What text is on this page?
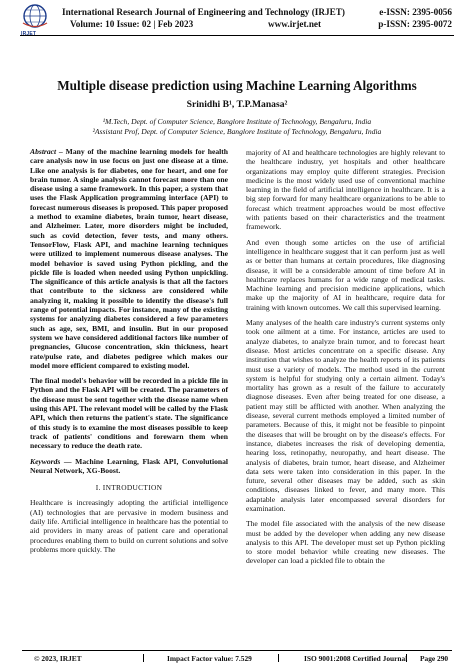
IRJET
International Research Journal of Engineering and Technology (IRJET)	e-ISSN: 2395-0056
Volume: 10 Issue: 02 | Feb 2023	www.irjet.net	p-ISSN: 2395-0072
Multiple disease prediction using Machine Learning Algorithms
Srinidhi B¹, T.P.Manasa²
¹M.Tech, Dept. of Computer Science, Banglore Institute of Technology, Bengaluru, India
²Assistant Prof, Dept. of Computer Science, Banglore Institute of Technology, Bengaluru, India

Abstract – Many of the machine learning models for health care analysis now in use focus on just one disease at a time. Like one analysis is for diabetes, one for heart, and one for brain tumor. A single analysis cannot forecast more than one disease using a same framework. In this paper, a system that uses the Flask Application programming interface (API) to forecast numerous diseases is proposed. This paper proposed a method to examine diabetes, brain tumor, heart disease, and Alzheimer. Later, more disorders might be included, such as covid detection, fever tests, and many others. TensorFlow, Flask API, and machine learning techniques were utilized to implement numerous disease analyses. The model behavior is saved using Python pickling, and the pickle file is loaded when needed using Python unpickling. The significance of this article analysis is that all the factors that contribute to the sickness are considered while analyzing it, making it possible to identify the disease's full range of potential impacts. For instance, many of the existing systems for analyzing diabetes considered a few parameters such as age, sex, BMI, and insulin. But in our proposed system we have considered additional factors like number of pregnancies, Glucose concentration, skin thickness, heart rate/pulse rate, and diabetes pedigree which makes our model more efficient compared to existing model.

The final model's behavior will be recorded in a pickle file in Python and the Flask API will be created. The parameters of the disease must be sent together with the disease name when using this API. The relevant model will be called by the Flask API, which then returns the patient's state. The significance of this study is to examine the most diseases possible to keep track of patients' conditions and forewarn them when necessary to reduce the death rate.

Keywords — Machine Learning, Flask API, Convolutional Neural Network, XG-Boost.

I. INTRODUCTION

Healthcare is increasingly adopting the artificial intelligence (AI) technologies that are pervasive in modern business and daily life. Artificial intelligence in healthcare has the potential to aid providers in many areas of patient care and operational procedures enabling them to build on current solutions and solve problems more quickly. The

majority of AI and healthcare technologies are highly relevant to the healthcare industry, yet hospitals and other healthcare organizations may employ quite different strategies. Precision medicine is the most widely used use of conventional machine learning in the field of artificial intelligence in healthcare. It is a big step forward for many healthcare organizations to be able to forecast which treatment approaches would be most effective with patients based on their characteristics and the treatment framework.

And even though some articles on the use of artificial intelligence in healthcare suggest that it can perform just as well as or better than humans at certain procedures, like diagnosing disease, it will be a considerable amount of time before AI in healthcare replaces humans for a wide range of medical tasks. Machine learning and precision medicine applications, which make up the majority of AI in healthcare, require data for training with known outcomes. We call this supervised learning.

Many analyses of the health care industry's current systems only took one ailment at a time. For instance, articles are used to analyze diabetes, to analyze brain tumor, and to forecast heart disease. Most articles concentrate on a specific disease. Any institution that wishes to analyze the health reports of its patients must use a variety of models. The method used in the current system is helpful for studying only a certain ailment. Today's mortality has grown as a result of the failure to accurately diagnose diseases. Even after being treated for one disease, a patient may still be afflicted with another. When analyzing the disease, several current methods employed a limited number of parameters. Because of this, it might not be feasible to pinpoint the diseases that will be brought on by the disease's effects. For instance, diabetes increases the risk of developing dementia, hearing loss, retinopathy, neuropathy, and heart disease. The analysis of diabetes, brain tumor, heart disease, and Alzheimer data sets were taken into consideration in this paper. In the future, several other diseases may be added, such as skin conditions, diseases linked to fever, and many more. This adaptable analysis later encompassed several disorders for examination.

The model file associated with the analysis of the new disease must be added by the developer when adding any new disease analysis to this API. The developer must set up Python pickling to store model behavior while creating new diseases. The developer can load a pickled file to obtain the

© 2023, IRJET	Impact Factor value: 7.529	ISO 9001:2008 Certified Journal Page 290
